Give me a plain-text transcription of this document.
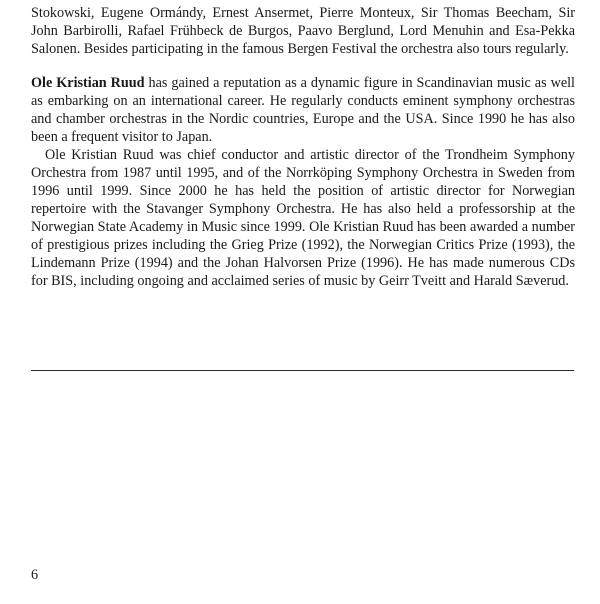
Stokowski, Eugene Ormándy, Ernest Ansermet, Pierre Monteux, Sir Thomas Beecham, Sir John Barbirolli, Rafael Frühbeck de Burgos, Paavo Berglund, Lord Menuhin and Esa-Pekka Salonen. Besides participating in the famous Bergen Festival the orchestra also tours regularly.

Ole Kristian Ruud has gained a reputation as a dynamic figure in Scandinavian music as well as embarking on an international career. He regularly conducts eminent symphony orchestras and chamber orchestras in the Nordic countries, Europe and the USA. Since 1990 he has also been a frequent visitor to Japan.

Ole Kristian Ruud was chief conductor and artistic director of the Trondheim Symphony Orchestra from 1987 until 1995, and of the Norrköping Symphony Orchestra in Sweden from 1996 until 1999. Since 2000 he has held the position of artistic director for Norwegian repertoire with the Stavanger Symphony Orchestra. He has also held a professorship at the Norwegian State Academy in Music since 1999. Ole Kristian Ruud has been awarded a number of prestigious prizes including the Grieg Prize (1992), the Norwegian Critics Prize (1993), the Lindemann Prize (1994) and the Johan Halvorsen Prize (1996). He has made numerous CDs for BIS, including ongoing and acclaimed series of music by Geirr Tveitt and Harald Sæverud.

6
